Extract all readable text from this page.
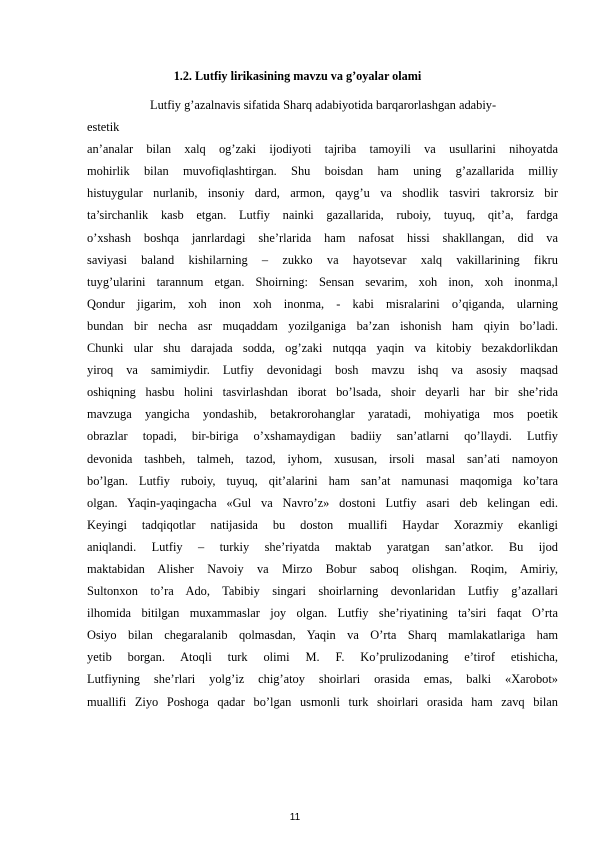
1.2. Lutfiy lirikasining mavzu va g’oyalar olami
Lutfiy g’azalnavis sifatida Sharq adabiyotida barqarorlashgan adabiy-
estetik
an’analar bilan xalq og’zaki ijodiyoti tajriba tamoyili va usullarini nihoyatda
mohirlik bilan muvofiqlashtirgan. Shu boisdan ham uning g’azallarida milliy
histuygular nurlanib, insoniy dard, armon, qayg’u va shodlik tasviri takrorsiz bir
ta’sirchanlik kasb etgan. Lutfiy nainki gazallarida, ruboiy, tuyuq, qit’a, fardga
o’xshash boshqa janrlardagi she’rlarida ham nafosat hissi shakllangan, did va
saviyasi baland kishilarning – zukko va hayotsevar xalq vakillarining fikru
tuyg’ularini tarannum etgan. Shoirning: Sensan sevarim, xoh inon, xoh inonma,l
Qondur jigarim, xoh inon xoh inonma, - kabi misralarini o’qiganda, ularning
bundan bir necha asr muqaddam yozilganiga ba’zan ishonish ham qiyin bo’ladi.
Chunki ular shu darajada sodda, og’zaki nutqqa yaqin va kitobiy bezakdorlikdan
yiroq va samimiydir. Lutfiy devonidagi bosh mavzu ishq va asosiy maqsad
oshiqning hasbu holini tasvirlashdan iborat bo’lsada, shoir deyarli har bir she’rida
mavzuga yangicha yondashib, betakrorohanglar yaratadi, mohiyatiga mos poetik
obrazlar topadi, bir-biriga o’xshamaydigan badiiy san’atlarni qo’llaydi. Lutfiy
devonida tashbeh, talmeh, tazod, iyhom, xususan, irsoli masal san’ati namoyon
bo’lgan. Lutfiy ruboiy, tuyuq, qit’alarini ham san’at namunasi maqomiga ko’tara
olgan. Yaqin-yaqingacha «Gul va Navro’z» dostoni Lutfiy asari deb kelingan edi.
Keyingi tadqiqotlar natijasida bu doston muallifi Haydar Xorazmiy ekanligi
aniqlandi. Lutfiy – turkiy she’riyatda maktab yaratgan san’atkor. Bu ijod
maktabidan Alisher Navoiy va Mirzo Bobur saboq olishgan. Roqim, Amiriy,
Sultonxon to’ra Ado, Tabibiy singari shoirlarning devonlaridan Lutfiy g’azallari
ilhomida bitilgan muxammaslar joy olgan. Lutfiy she’riyatining ta’siri faqat O’rta
Osiyo bilan chegaralanib qolmasdan, Yaqin va O’rta Sharq mamlakatlariga ham
yetib borgan. Atoqli turk olimi M. F. Ko’prulizodaning e’tirof etishicha,
Lutfiyning she’rlari yolg’iz chig’atoy shoirlari orasida emas, balki «Xarobot»
muallifi Ziyo Poshoga qadar bo’lgan usmonli turk shoirlari orasida ham zavq bilan
11
